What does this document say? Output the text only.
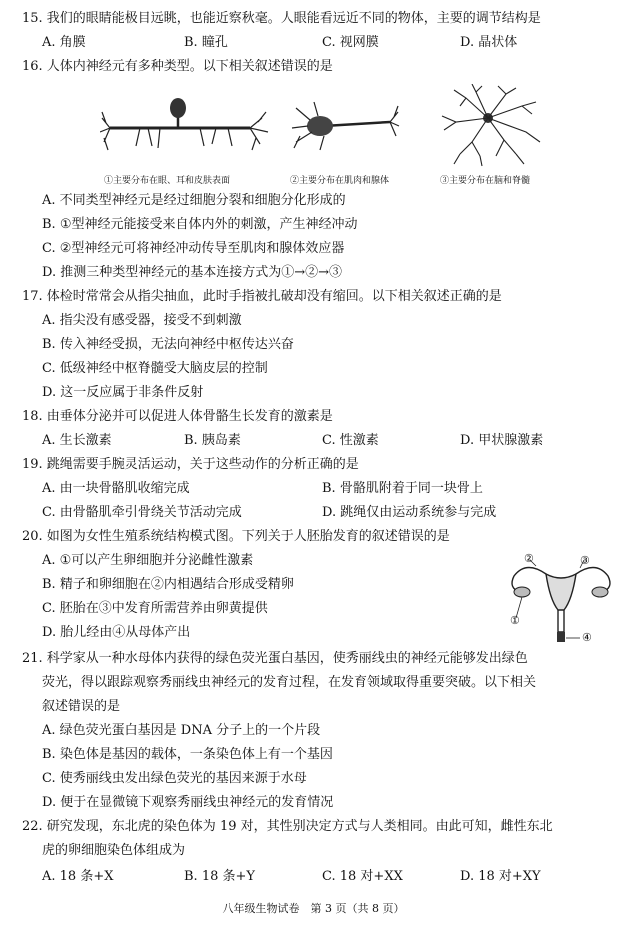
15. 我们的眼睛能极目远眺，也能近察秋毫。人眼能看远近不同的物体，主要的调节结构是
A. 角膜	B. 瞳孔	C. 视网膜	D. 晶状体
16. 人体内神经元有多种类型。以下相关叙述错误的是
①主要分布在眼、耳和皮肤表面	②主要分布在肌肉和腺体	③主要分布在脑和脊髓
A. 不同类型神经元是经过细胞分裂和细胞分化形成的
B. ①型神经元能接受来自体内外的刺激，产生神经冲动
C. ②型神经元可将神经冲动传导至肌肉和腺体效应器
D. 推测三种类型神经元的基本连接方式为①→②→③
17. 体检时常常会从指尖抽血，此时手指被扎破却没有缩回。以下相关叙述正确的是
A. 指尖没有感受器，接受不到刺激
B. 传入神经受损，无法向神经中枢传达兴奋
C. 低级神经中枢脊髓受大脑皮层的控制
D. 这一反应属于非条件反射
18. 由垂体分泌并可以促进人体骨骼生长发育的激素是
A. 生长激素	B. 胰岛素	C. 性激素	D. 甲状腺激素
19. 跳绳需要手腕灵活运动，关于这些动作的分析正确的是
A. 由一块骨骼肌收缩完成	B. 骨骼肌附着于同一块骨上
C. 由骨骼肌牵引骨绕关节活动完成	D. 跳绳仅由运动系统参与完成
20. 如图为女性生殖系统结构模式图。下列关于人胚胎发育的叙述错误的是
A. ①可以产生卵细胞并分泌雌性激素
B. 精子和卵细胞在②内相遇结合形成受精卵
C. 胚胎在③中发育所需营养由卵黄提供
D. 胎儿经由④从母体产出
①
②	③
④
21. 科学家从一种水母体内获得的绿色荧光蛋白基因，使秀丽线虫的神经元能够发出绿色
荧光，得以跟踪观察秀丽线虫神经元的发育过程，在发育领域取得重要突破。以下相关
叙述错误的是
A. 绿色荧光蛋白基因是 DNA 分子上的一个片段
B. 染色体是基因的载体，一条染色体上有一个基因
C. 使秀丽线虫发出绿色荧光的基因来源于水母
D. 便于在显微镜下观察秀丽线虫神经元的发育情况
22. 研究发现，东北虎的染色体为 19 对，其性别决定方式与人类相同。由此可知，雌性东北
虎的卵细胞染色体组成为
A. 18 条+X	B. 18 条+Y	C. 18 对+XX	D. 18 对+XY
八年级生物试卷　第 3 页（共 8 页）
